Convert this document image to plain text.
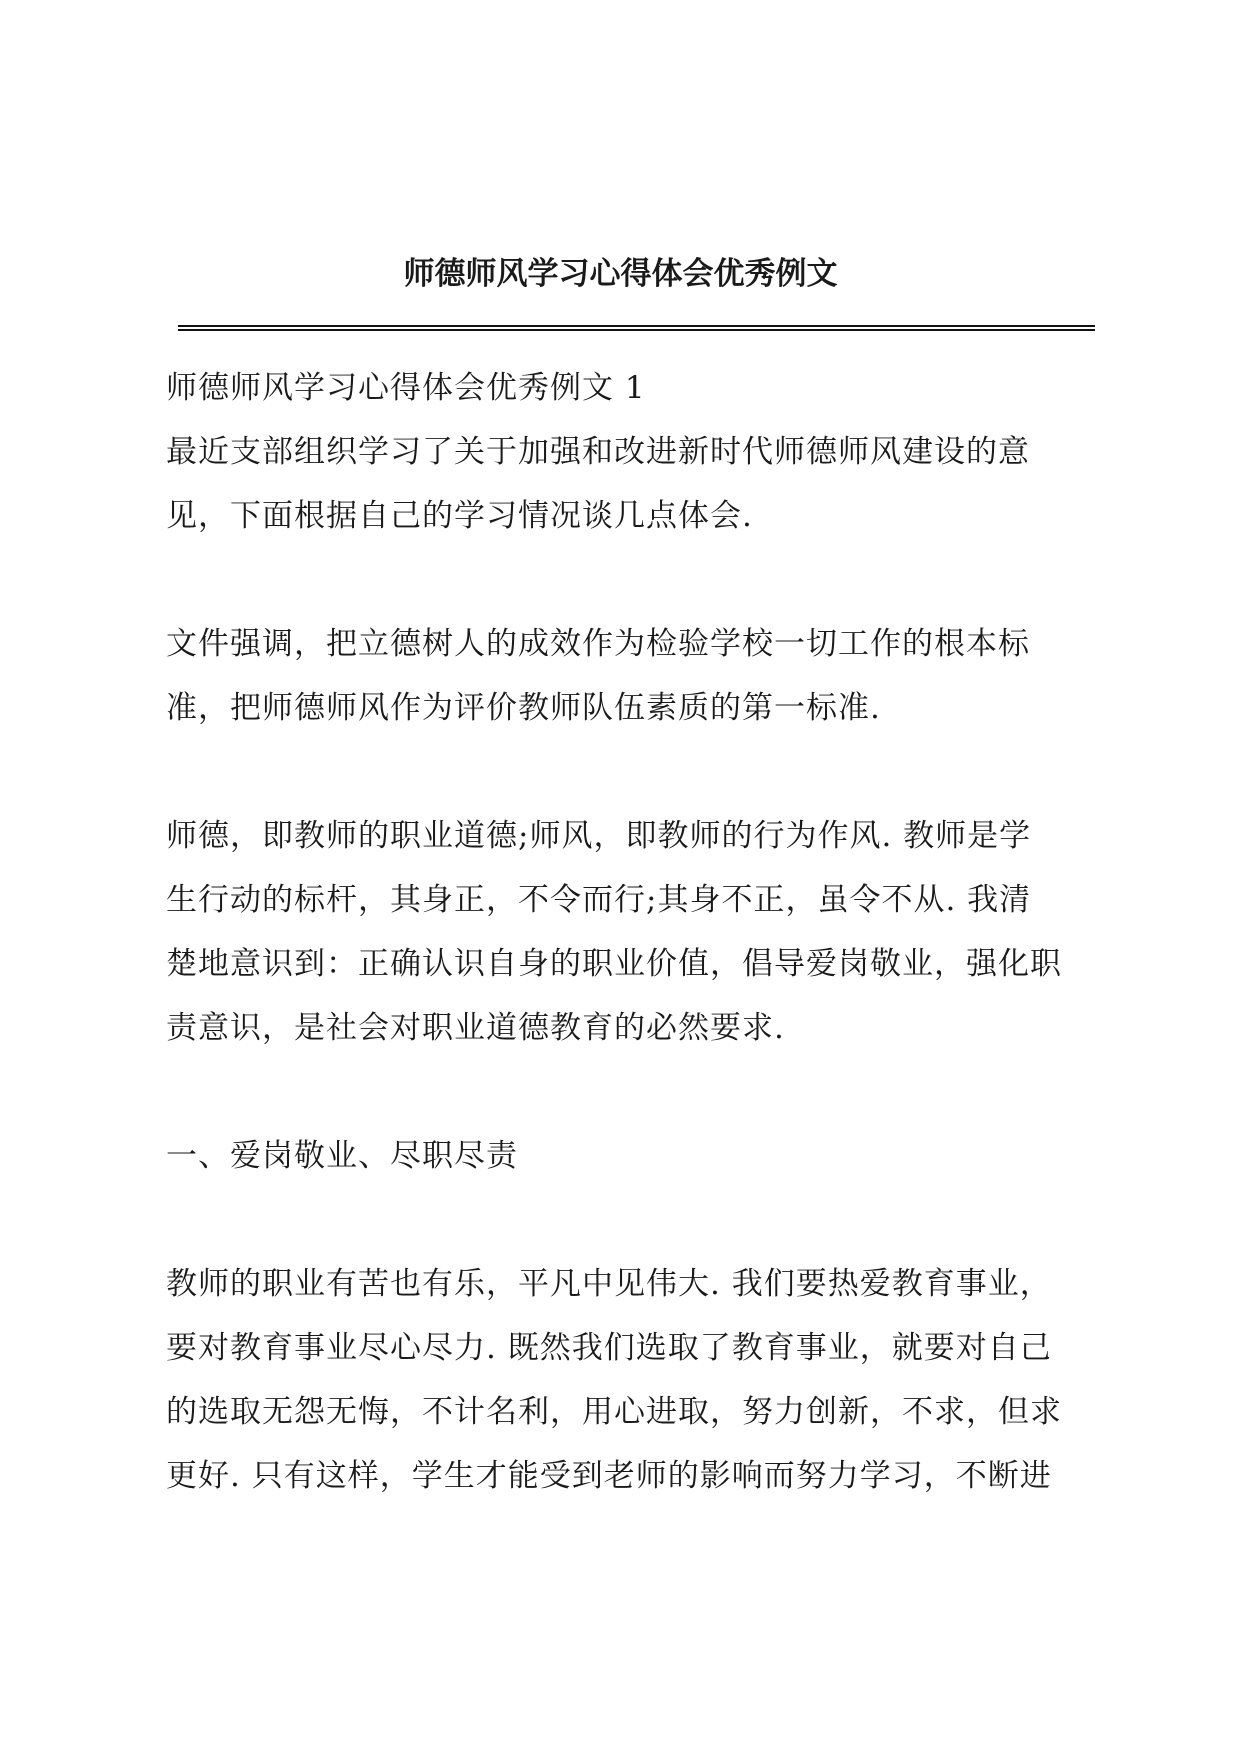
师德师风学习心得体会优秀例文

师德师风学习心得体会优秀例文 1

最近支部组织学习了关于加强和改进新时代师德师风建设的意

见，下面根据自己的学习情况谈几点体会.

文件强调，把立德树人的成效作为检验学校一切工作的根本标

准，把师德师风作为评价教师队伍素质的第一标准.

师德，即教师的职业道德;师风，即教师的行为作风. 教师是学

生行动的标杆，其身正，不令而行;其身不正，虽令不从. 我清

楚地意识到：正确认识自身的职业价值，倡导爱岗敬业，强化职

责意识，是社会对职业道德教育的必然要求.

一、爱岗敬业、尽职尽责

教师的职业有苦也有乐，平凡中见伟大. 我们要热爱教育事业，

要对教育事业尽心尽力. 既然我们选取了教育事业，就要对自己

的选取无怨无悔，不计名利，用心进取，努力创新，不求，但求

更好. 只有这样，学生才能受到老师的影响而努力学习，不断进
